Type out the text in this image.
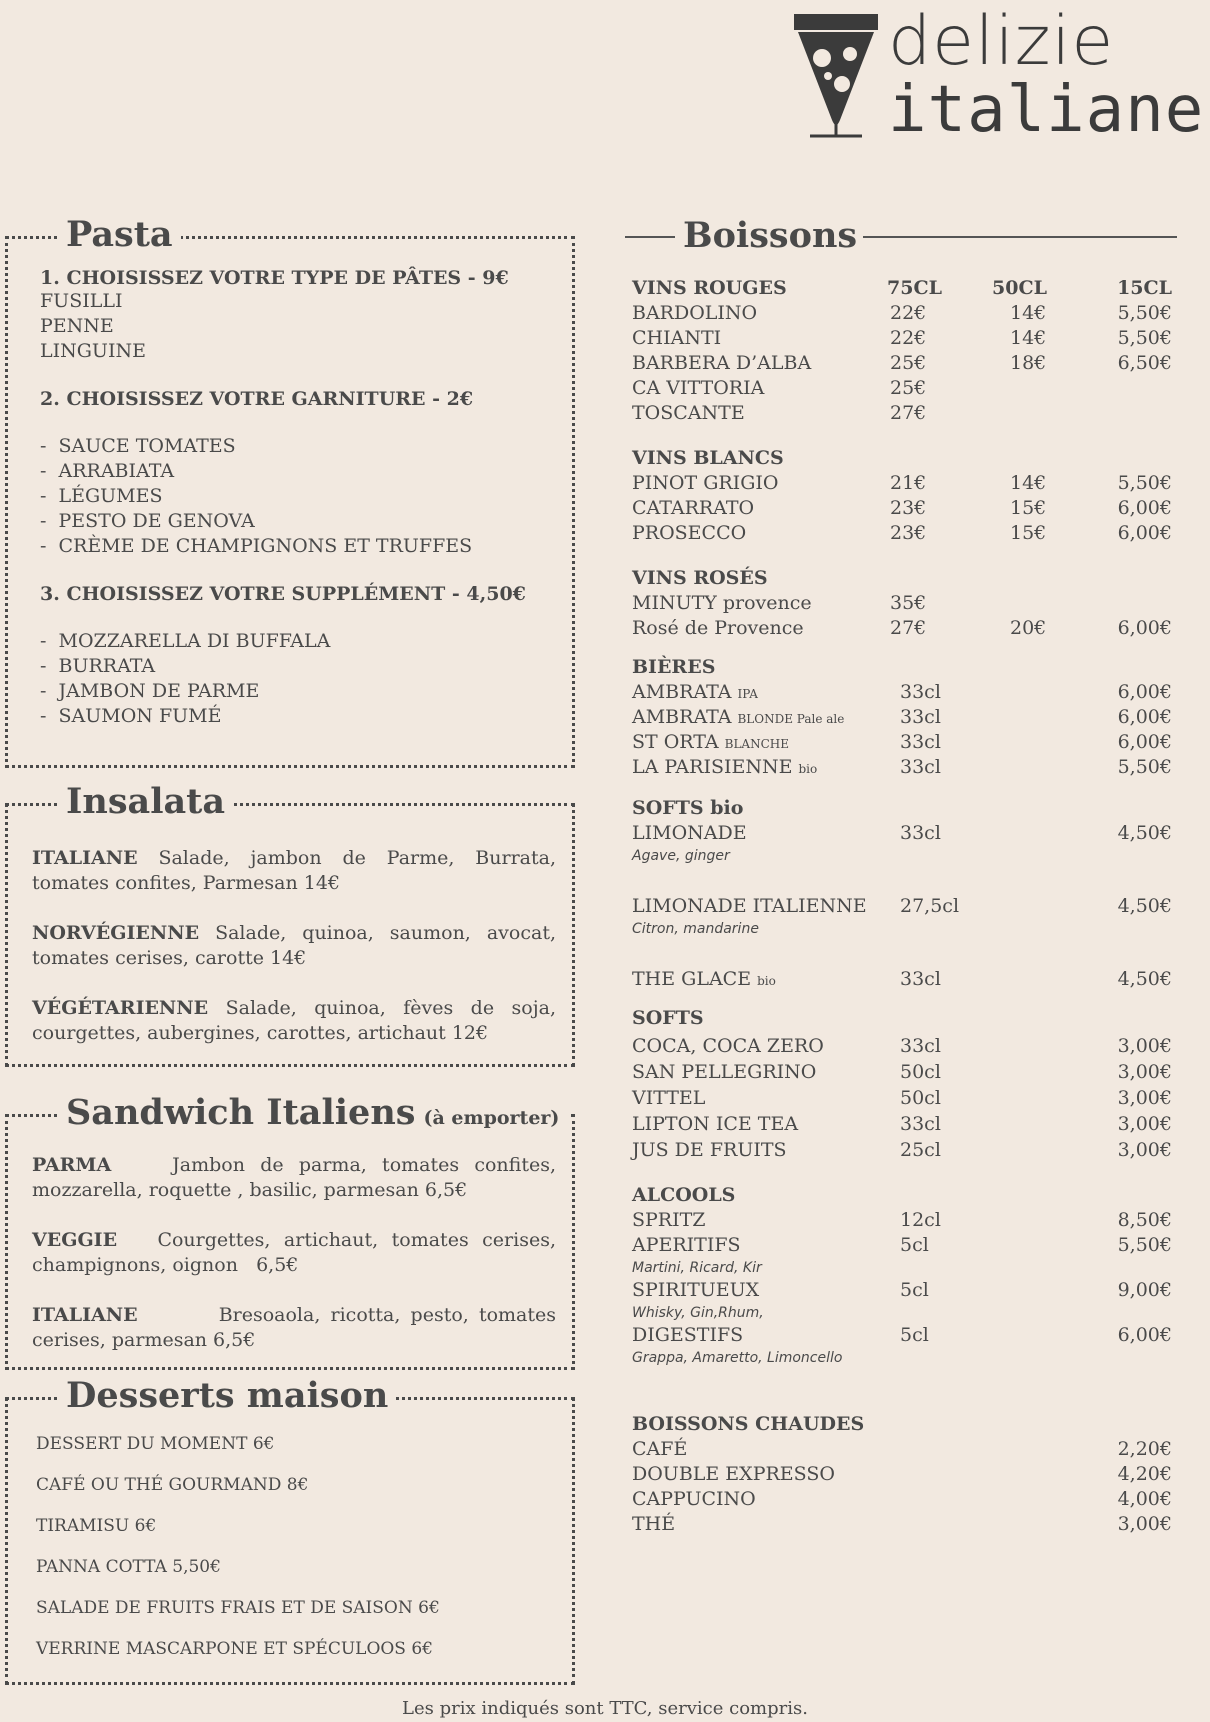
delizie
italiane
Pasta
1. CHOISISSEZ VOTRE TYPE DE PÂTES - 9€
FUSILLI
PENNE
LINGUINE
2. CHOISISSEZ VOTRE GARNITURE - 2€
-  SAUCE TOMATES
-  ARRABIATA
-  LÉGUMES
-  PESTO DE GENOVA
-  CRÈME DE CHAMPIGNONS ET TRUFFES
3. CHOISISSEZ VOTRE SUPPLÉMENT - 4,50€
-  MOZZARELLA DI BUFFALA
-  BURRATA
-  JAMBON DE PARME
-  SAUMON FUMÉ
Insalata
ITALIANE Salade, jambon de Parme, Burrata, tomates confites, Parmesan 14€
NORVÉGIENNE Salade, quinoa, saumon, avocat, tomates cerises, carotte 14€
VÉGÉTARIENNE Salade, quinoa, fèves de soja, courgettes, aubergines, carottes, artichaut 12€
Sandwich Italiens (à emporter)
PARMA    Jambon de parma, tomates confites, mozzarella, roquette , basilic, parmesan 6,5€
VEGGIE   Courgettes, artichaut, tomates cerises, champignons, oignon   6,5€
ITALIANE        Bresoaola, ricotta, pesto, tomates cerises, parmesan 6,5€
Desserts maison
DESSERT DU MOMENT 6€
CAFÉ OU THÉ GOURMAND 8€
TIRAMISU 6€
PANNA COTTA 5,50€
SALADE DE FRUITS FRAIS ET DE SAISON 6€
VERRINE MASCARPONE ET SPÉCULOOS 6€
Boissons
VINS ROUGES	75CL	50CL	15CL
BARDOLINO	22€	14€	5,50€
CHIANTI	22€	14€	5,50€
BARBERA D’ALBA	25€	18€	6,50€
CA VITTORIA	25€
TOSCANTE	27€
VINS BLANCS
PINOT GRIGIO	21€	14€	5,50€
CATARRATO	23€	15€	6,00€
PROSECCO	23€	15€	6,00€
VINS ROSÉS
MINUTY provence	35€
Rosé de Provence	27€	20€	6,00€
BIÈRES
AMBRATA IPA	33cl	6,00€
AMBRATA BLONDE Pale ale	33cl	6,00€
ST ORTA BLANCHE	33cl	6,00€
LA PARISIENNE bio	33cl	5,50€
SOFTS bio
LIMONADE	33cl	4,50€
Agave, ginger
LIMONADE ITALIENNE 27,5cl	4,50€
Citron, mandarine
THE GLACE bio	33cl	4,50€
SOFTS
COCA, COCA ZERO	33cl	3,00€
SAN PELLEGRINO	50cl	3,00€
VITTEL	50cl	3,00€
LIPTON ICE TEA	33cl	3,00€
JUS DE FRUITS	25cl	3,00€
ALCOOLS
SPRITZ	12cl	8,50€
APERITIFS	5cl	5,50€
Martini, Ricard, Kir
SPIRITUEUX	5cl	9,00€
Whisky, Gin,Rhum,
DIGESTIFS	5cl	6,00€
Grappa, Amaretto, Limoncello
BOISSONS CHAUDES
CAFÉ	2,20€
DOUBLE EXPRESSO	4,20€
CAPPUCINO	4,00€
THÉ	3,00€
Les prix indiqués sont TTC, service compris.
